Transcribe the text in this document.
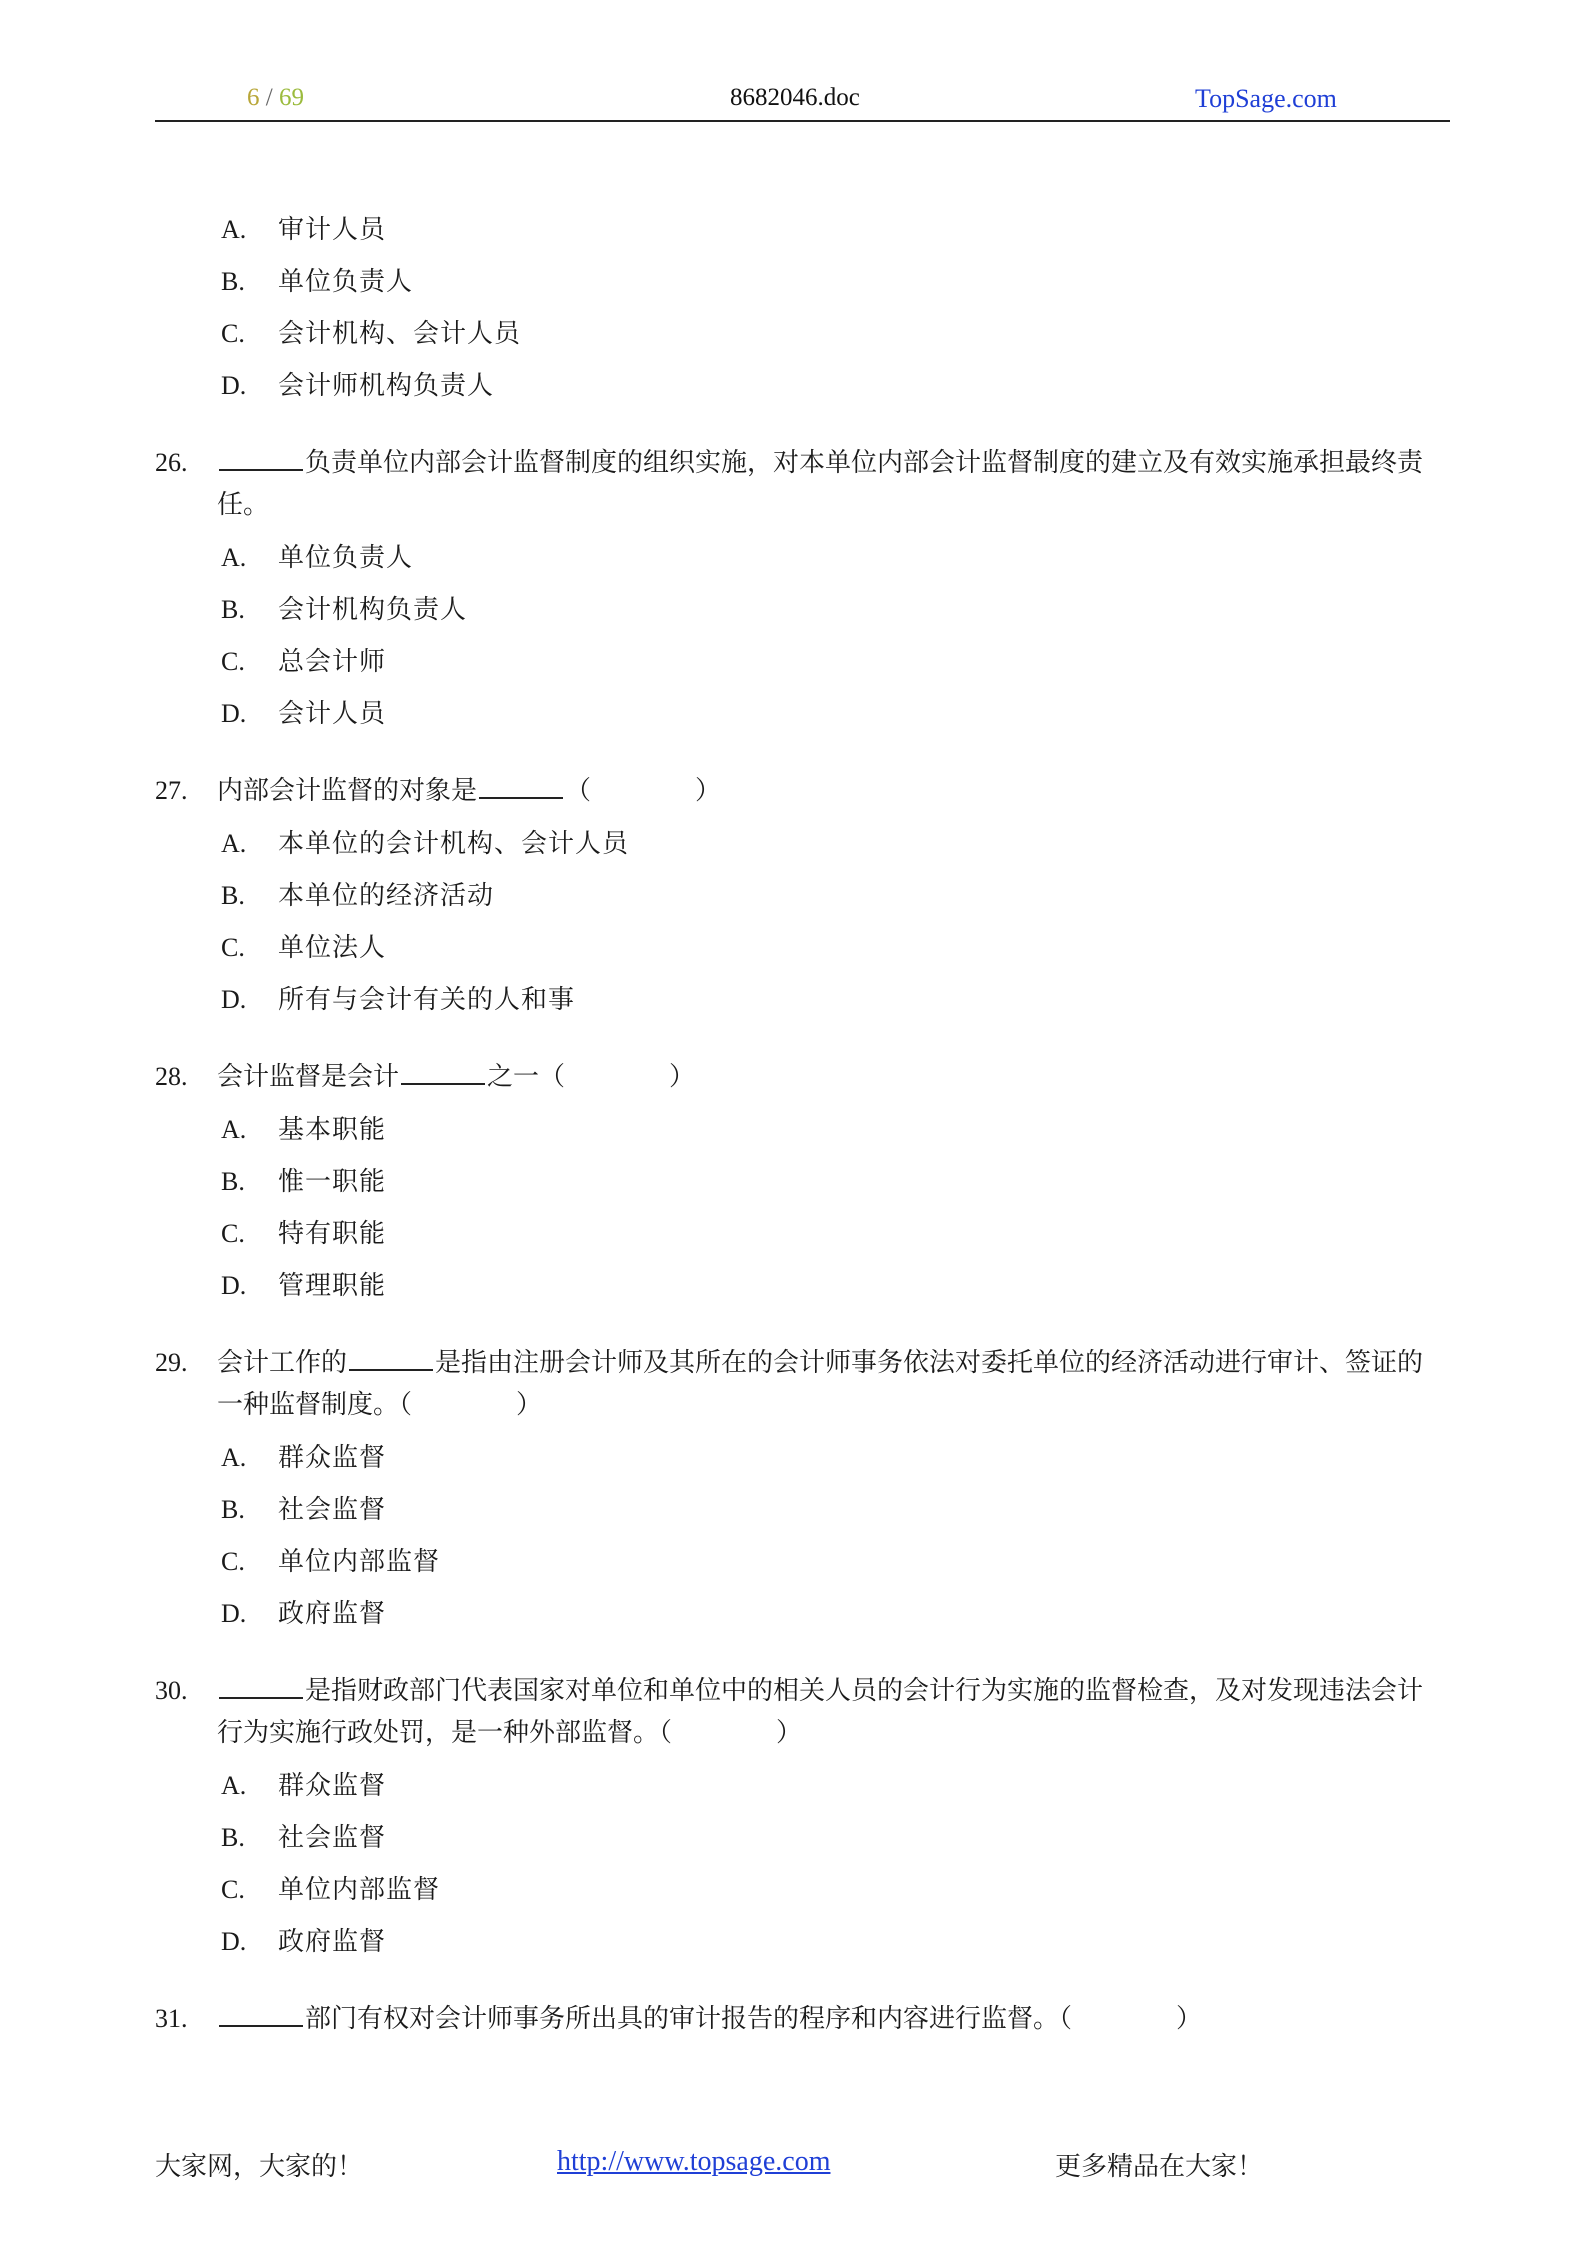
6 / 69	8682046.doc	TopSage.com
A. 审计人员
B. 单位负责人
C. 会计机构、会计人员
D. 会计师机构负责人
26.	负责单位内部会计监督制度的组织实施，对本单位内部会计监督制度的建立及有效实施承担最终责任。
A. 单位负责人
B. 会计机构负责人
C. 总会计师
D. 会计人员
27. 内部会计监督的对象是	（　　　　）
A. 本单位的会计机构、会计人员
B. 本单位的经济活动
C. 单位法人
D. 所有与会计有关的人和事
28. 会计监督是会计	之一（　　　　）
A. 基本职能
B. 惟一职能
C. 特有职能
D. 管理职能
29. 会计工作的	是指由注册会计师及其所在的会计师事务依法对委托单位的经济活动进行审计、签证的一种监督制度。（　　　　）
A. 群众监督
B. 社会监督
C. 单位内部监督
D. 政府监督
30.	是指财政部门代表国家对单位和单位中的相关人员的会计行为实施的监督检查，及对发现违法会计行为实施行政处罚，是一种外部监督。（　　　　）
A. 群众监督
B. 社会监督
C. 单位内部监督
D. 政府监督
31.	部门有权对会计师事务所出具的审计报告的程序和内容进行监督。（　　　　）
大家网，大家的！	http://www.topsage.com	更多精品在大家！
